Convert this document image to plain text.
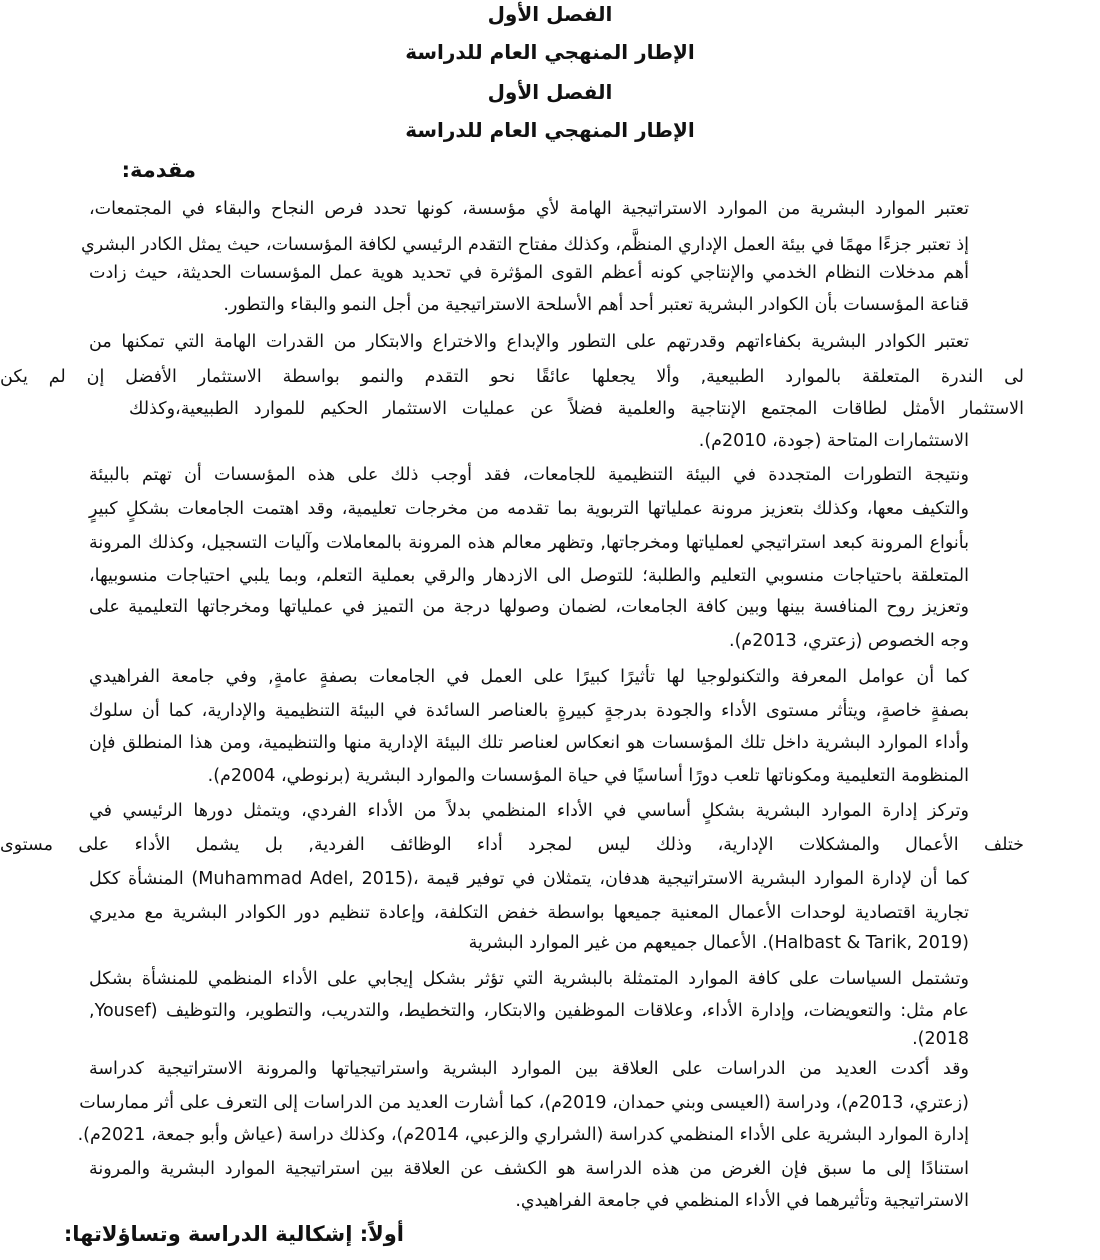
الفصل الأول
الإطار المنهجي العام للدراسة
الفصل الأول
الإطار المنهجي العام للدراسة
مقدمة:
تعتبر الموارد البشرية من الموارد الاستراتيجية الهامة لأي مؤسسة، كونها تحدد فرص النجاح والبقاء في المجتمعات،
إذ تعتبر جزءًا مهمًا في بيئة العمل الإداري المنظَّم، وكذلك مفتاح التقدم الرئيسي لكافة المؤسسات، حيث يمثل الكادر البشري
أهم مدخلات النظام الخدمي والإنتاجي كونه أعظم القوى المؤثرة في تحديد هوية عمل المؤسسات الحديثة، حيث زادت
قناعة المؤسسات بأن الكوادر البشرية تعتبر أحد أهم الأسلحة الاستراتيجية من أجل النمو والبقاء والتطور.
تعتبر الكوادر البشرية بكفاءاتهم وقدرتهم على التطور والإبداع والاختراع والابتكار من القدرات الهامة التي تمكنها من
لى الندرة المتعلقة بالموارد الطبيعية, وألا يجعلها عائقًا نحو التقدم والنمو بواسطة الاستثمار الأفضل إن لم يكن
الاستثمار الأمثل لطاقات المجتمع الإنتاجية والعلمية فضلاً عن عمليات الاستثمار الحكيم للموارد الطبيعية،وكذلك
الاستثمارات المتاحة (جودة، 2010م).
ونتيجة التطورات المتجددة في البيئة التنظيمية للجامعات، فقد أوجب ذلك على هذه المؤسسات أن تهتم بالبيئة
والتكيف معها، وكذلك بتعزيز مرونة عملياتها التربوية بما تقدمه من مخرجات تعليمية، وقد اهتمت الجامعات بشكلٍ كبيرٍ
بأنواع المرونة كبعد استراتيجي لعملياتها ومخرجاتها, وتظهر معالم هذه المرونة بالمعاملات وآليات التسجيل، وكذلك المرونة
المتعلقة باحتياجات منسوبي التعليم والطلبة؛ للتوصل الى الازدهار والرقي بعملية التعلم، وبما يلبي احتياجات منسوبيها،
وتعزيز روح المنافسة بينها وبين كافة الجامعات، لضمان وصولها درجة من التميز في عملياتها ومخرجاتها التعليمية على
وجه الخصوص (زعتري، 2013م).
كما أن عوامل المعرفة والتكنولوجيا لها تأثيرًا كبيرًا على العمل في الجامعات بصفةٍ عامةٍ, وفي جامعة الفراهيدي
بصفةٍ خاصةٍ، ويتأثر مستوى الأداء والجودة بدرجةٍ كبيرةٍ بالعناصر السائدة في البيئة التنظيمية والإدارية، كما أن سلوك
وأداء الموارد البشرية داخل تلك المؤسسات هو انعكاس لعناصر تلك البيئة الإدارية منها والتنظيمية، ومن هذا المنطلق فإن
المنظومة التعليمية ومكوناتها تلعب دورًا أساسيًا في حياة المؤسسات والموارد البشرية (برنوطي، 2004م).
وتركز إدارة الموارد البشرية بشكلٍ أساسي في الأداء المنظمي بدلاً من الأداء الفردي، ويتمثل دورها الرئيسي في
ختلف الأعمال والمشكلات الإدارية، وذلك ليس لمجرد أداء الوظائف الفردية, بل يشمل الأداء على مستوى
كما أن لإدارة الموارد البشرية الاستراتيجية هدفان، يتمثلان في توفير قيمة ،(Muhammad Adel, 2015) المنشأة ككل
تجارية اقتصادية لوحدات الأعمال المعنية جميعها بواسطة خفض التكلفة، وإعادة تنظيم دور الكوادر البشرية مع مديري
(Halbast & Tarik, 2019). الأعمال جميعهم من غير الموارد البشرية
وتشتمل السياسات على كافة الموارد المتمثلة بالبشرية التي تؤثر بشكل إيجابي على الأداء المنظمي للمنشأة بشكل
عام مثل: والتعويضات، وإدارة الأداء، وعلاقات الموظفين والابتكار، والتخطيط، والتدريب، والتطوير، والتوظيف (Yousef,
2018).
وقد أكدت العديد من الدراسات على العلاقة بين الموارد البشرية واستراتيجياتها والمرونة الاستراتيجية كدراسة
(زعتري، 2013م)، ودراسة (العيسى وبني حمدان، 2019م)، كما أشارت العديد من الدراسات إلى التعرف على أثر ممارسات
إدارة الموارد البشرية على الأداء المنظمي كدراسة (الشراري والزعبي، 2014م)، وكذلك دراسة (عياش وأبو جمعة، 2021م).
استنادًا إلى ما سبق فإن الغرض من هذه الدراسة هو الكشف عن العلاقة بين استراتيجية الموارد البشرية والمرونة
الاستراتيجية وتأثيرهما في الأداء المنظمي في جامعة الفراهيدي.
أولاً: إشكالية الدراسة وتساؤلاتها:
